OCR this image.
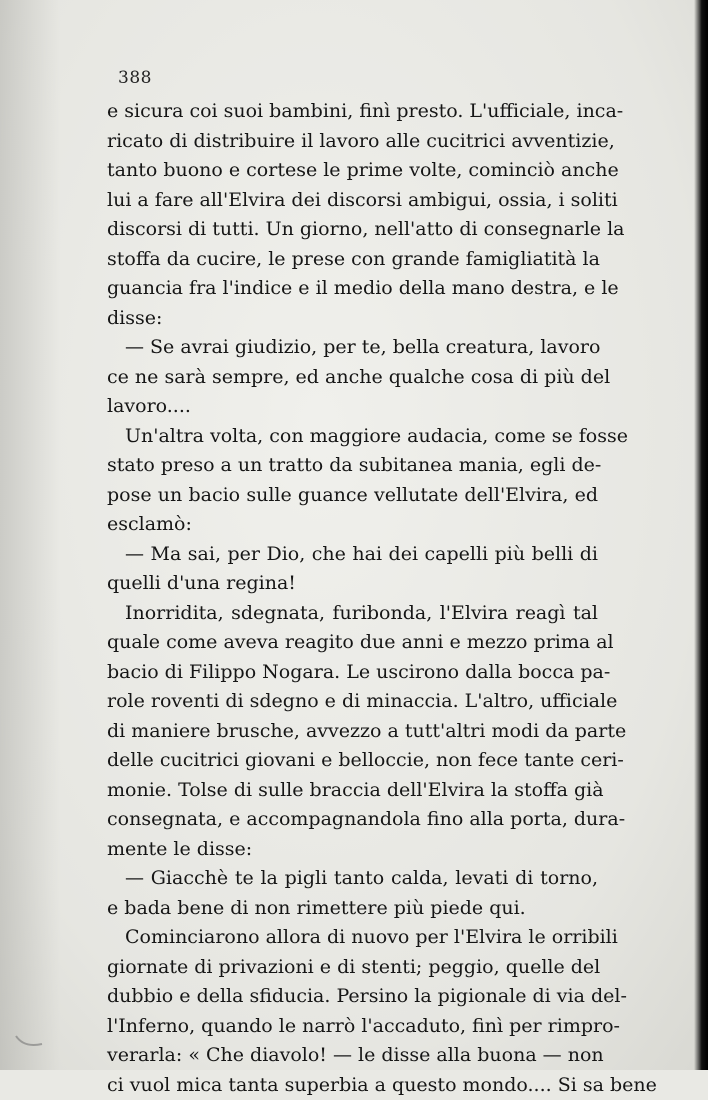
388
e sicura coi suoi bambini, finì presto. L'ufficiale, inca-
ricato di distribuire il lavoro alle cucitrici avventizie,
tanto buono e cortese le prime volte, cominciò anche
lui a fare all'Elvira dei discorsi ambigui, ossia, i soliti
discorsi di tutti. Un giorno, nell'atto di consegnarle la
stoffa da cucire, le prese con grande famigliatità la
guancia fra l'indice e il medio della mano destra, e le
disse:
— Se avrai giudizio, per te, bella creatura, lavoro
ce ne sarà sempre, ed anche qualche cosa di più del
lavoro....
Un'altra volta, con maggiore audacia, come se fosse
stato preso a un tratto da subitanea mania, egli de-
pose un bacio sulle guance vellutate dell'Elvira, ed
esclamò:
— Ma sai, per Dio, che hai dei capelli più belli di
quelli d'una regina!
Inorridita, sdegnata, furibonda, l'Elvira reagì tal
quale come aveva reagito due anni e mezzo prima al
bacio di Filippo Nogara. Le uscirono dalla bocca pa-
role roventi di sdegno e di minaccia. L'altro, ufficiale
di maniere brusche, avvezzo a tutt'altri modi da parte
delle cucitrici giovani e belloccie, non fece tante ceri-
monie. Tolse di sulle braccia dell'Elvira la stoffa già
consegnata, e accompagnandola fino alla porta, dura-
mente le disse:
— Giacchè te la pigli tanto calda, levati di torno,
e bada bene di non rimettere più piede qui.
Cominciarono allora di nuovo per l'Elvira le orribili
giornate di privazioni e di stenti; peggio, quelle del
dubbio e della sfiducia. Persino la pigionale di via del-
l'Inferno, quando le narrò l'accaduto, finì per rimpro-
verarla: « Che diavolo! — le disse alla buona — non
ci vuol mica tanta superbia a questo mondo.... Si sa bene
